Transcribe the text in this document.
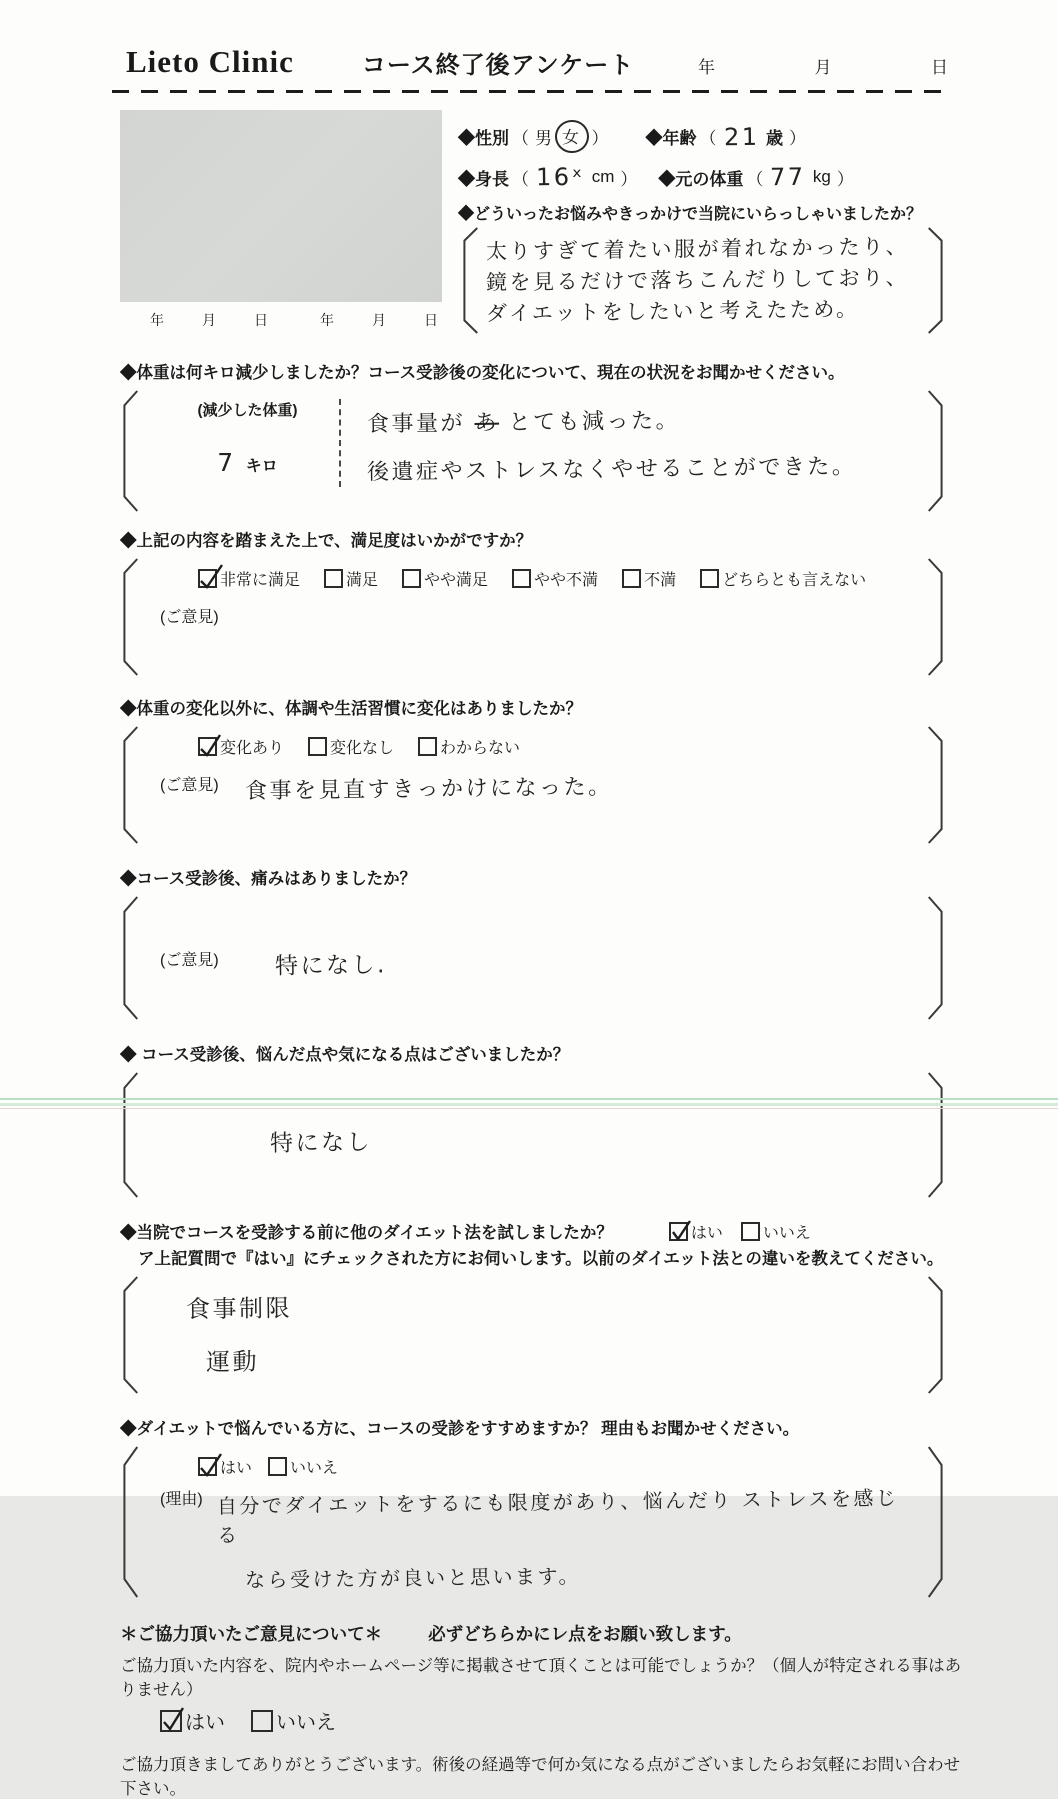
Lieto Clinic	コース終了後アンケート	年	月	日
年	月	日	年	月	日
◆性別 （ 男 女 ） ◆年齢 （ 21 歳 ）
◆身長 （ 16ˣ cm ） ◆元の体重 （ 77 kg ）
◆どういったお悩みやきっかけで当院にいらっしゃいましたか？
太りすぎて着たい服が着れなかったり、
鏡を見るだけで落ちこんだりしており、
ダイエットをしたいと考えたため。
◆体重は何キロ減少しましたか？コース受診後の変化について、現在の状況をお聞かせください。
(減少した体重)
7 キロ
食事量が あ とても減った。
後遺症やストレスなくやせることができた。
◆上記の内容を踏まえた上で、満足度はいかがですか？
非常に満足	満足	やや満足	やや不満	不満	どちらとも言えない
(ご意見)
◆体重の変化以外に、体調や生活習慣に変化はありましたか？
変化あり	変化なし	わからない
(ご意見) 食事を見直すきっかけになった。
◆コース受診後、痛みはありましたか？
(ご意見) 特になし.
◆ コース受診後、悩んだ点や気になる点はございましたか？
特になし
◆当院でコースを受診する前に他のダイエット法を試しましたか？	はい	いいえ
ア上記質問で『はい』にチェックされた方にお伺いします。以前のダイエット法との違いを教えてください。
食事制限
運動
◆ダイエットで悩んでいる方に、コースの受診をすすめますか？ 理由もお聞かせください。
はい いいえ
(理由) 自分でダイエットをするにも限度があり、悩んだり ストレスを感じる
なら受けた方が良いと思います。
＊ご協力頂いたご意見について＊	必ずどちらかにレ点をお願い致します。
ご協力頂いた内容を、院内やホームページ等に掲載させて頂くことは可能でしょうか？（個人が特定される事はありません）
はい	いいえ
ご協力頂きましてありがとうございます。術後の経過等で何か気になる点がございましたらお気軽にお問い合わせ下さい。
